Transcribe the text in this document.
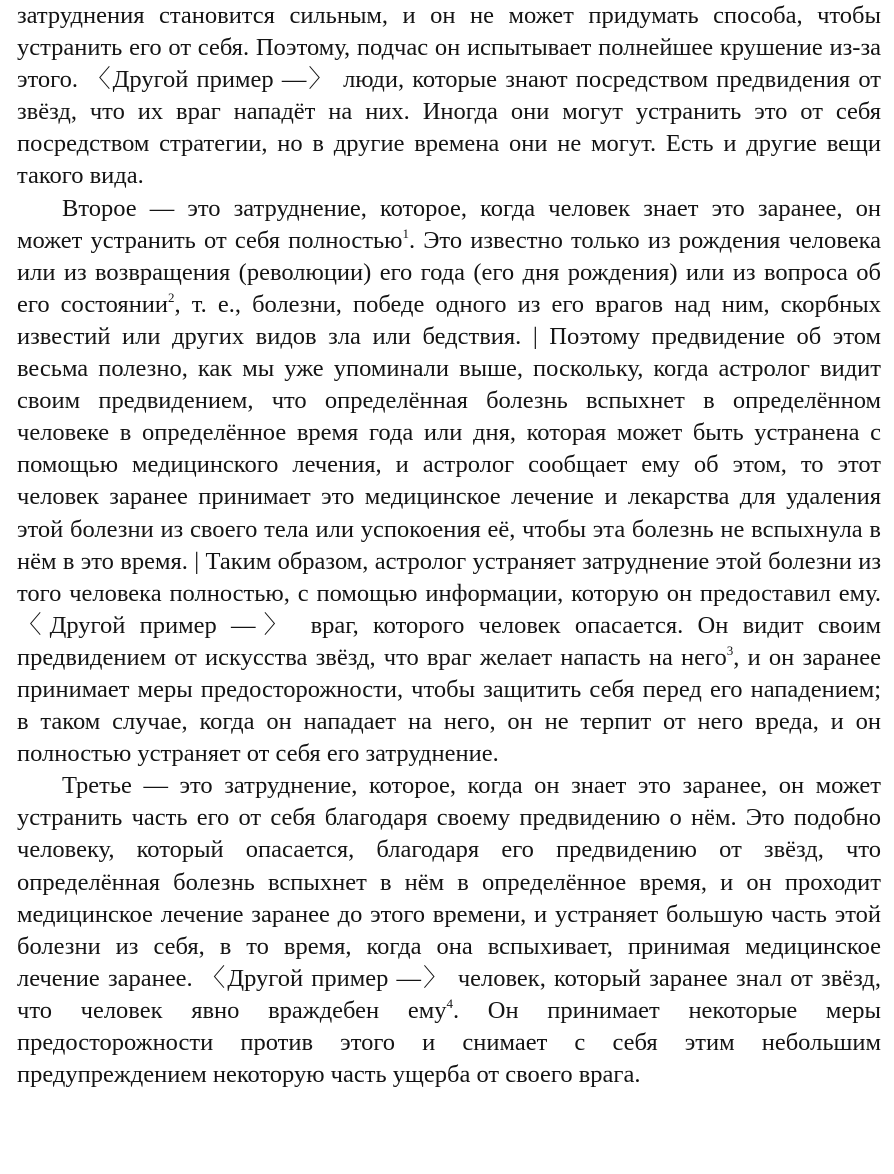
затруднения становится сильным, и он не может придумать способа, чтобы устранить его от себя. Поэтому, подчас он испытывает полнейшее крушение из-за этого. 〈Другой пример —〉 люди, которые знают посредством предвидения от звёзд, что их враг нападёт на них. Иногда они могут устранить это от себя посредством стратегии, но в другие времена они не могут. Есть и другие вещи такого вида.

Второе — это затруднение, которое, когда человек знает это заранее, он может устранить от себя полностью$^1$. Это известно только из рождения человека или из возвращения (революции) его года (его дня рождения) или из вопроса об его состоянии$^2$, т. е., болезни, победе одного из его врагов над ним, скорбных известий или других видов зла или бедствия. | Поэтому предвидение об этом весьма полезно, как мы уже упоминали выше, поскольку, когда астролог видит своим предвидением, что определённая болезнь вспыхнет в определённом человеке в определённое время года или дня, которая может быть устранена с помощью медицинского лечения, и астролог сообщает ему об этом, то этот человек заранее принимает это медицинское лечение и лекарства для удаления этой болезни из своего тела или успокоения её, чтобы эта болезнь не вспыхнула в нём в это время. | Таким образом, астролог устраняет затруднение этой болезни из того человека полностью, с помощью информации, которую он предоставил ему. 〈Другой пример —〉 враг, которого человек опасается. Он видит своим предвидением от искусства звёзд, что враг желает напасть на него$^3$, и он заранее принимает меры предосторожности, чтобы защитить себя перед его нападением; в таком случае, когда он нападает на него, он не терпит от него вреда, и он полностью устраняет от себя его затруднение.

Третье — это затруднение, которое, когда он знает это заранее, он может устранить часть его от себя благодаря своему предвидению о нём. Это подобно человеку, который опасается, благодаря его предвидению от звёзд, что определённая болезнь вспыхнет в нём в определённое время, и он проходит медицинское лечение заранее до этого времени, и устраняет большую часть этой болезни из себя, в то время, когда она вспыхивает, принимая медицинское лечение заранее. 〈Другой пример —〉 человек, который заранее знал от звёзд, что человек явно враждебен ему$^4$. Он принимает некоторые меры предосторожности против этого и снимает с себя этим небольшим предупреждением некоторую часть ущерба от своего врага.
